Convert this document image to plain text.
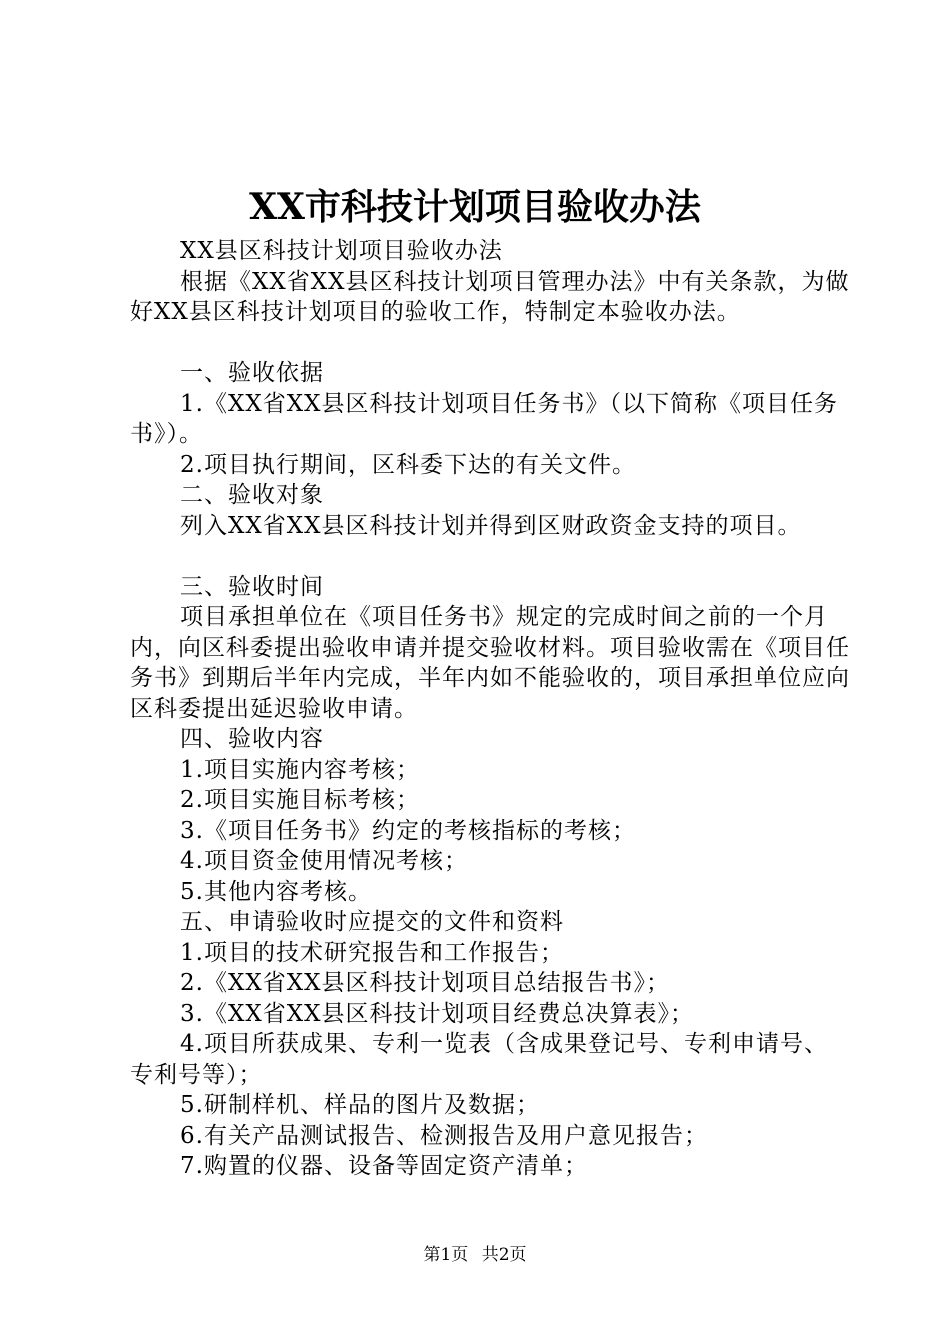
XX市科技计划项目验收办法

XX县区科技计划项目验收办法

根据《XX省XX县区科技计划项目管理办法》中有关条款，为做好XX县区科技计划项目的验收工作，特制定本验收办法。

一、验收依据

1.《XX省XX县区科技计划项目任务书》（以下简称《项目任务书》）。

2.项目执行期间，区科委下达的有关文件。

二、验收对象

列入XX省XX县区科技计划并得到区财政资金支持的项目。

三、验收时间

项目承担单位在《项目任务书》规定的完成时间之前的一个月内，向区科委提出验收申请并提交验收材料。项目验收需在《项目任务书》到期后半年内完成，半年内如不能验收的，项目承担单位应向区科委提出延迟验收申请。

四、验收内容

1.项目实施内容考核；

2.项目实施目标考核；

3.《项目任务书》约定的考核指标的考核；

4.项目资金使用情况考核；

5.其他内容考核。

五、申请验收时应提交的文件和资料

1.项目的技术研究报告和工作报告；

2.《XX省XX县区科技计划项目总结报告书》；

3.《XX省XX县区科技计划项目经费总决算表》；

4.项目所获成果、专利一览表（含成果登记号、专利申请号、专利号等）；

5.研制样机、样品的图片及数据；

6.有关产品测试报告、检测报告及用户意见报告；

7.购置的仪器、设备等固定资产清单；

第1页 共2页
